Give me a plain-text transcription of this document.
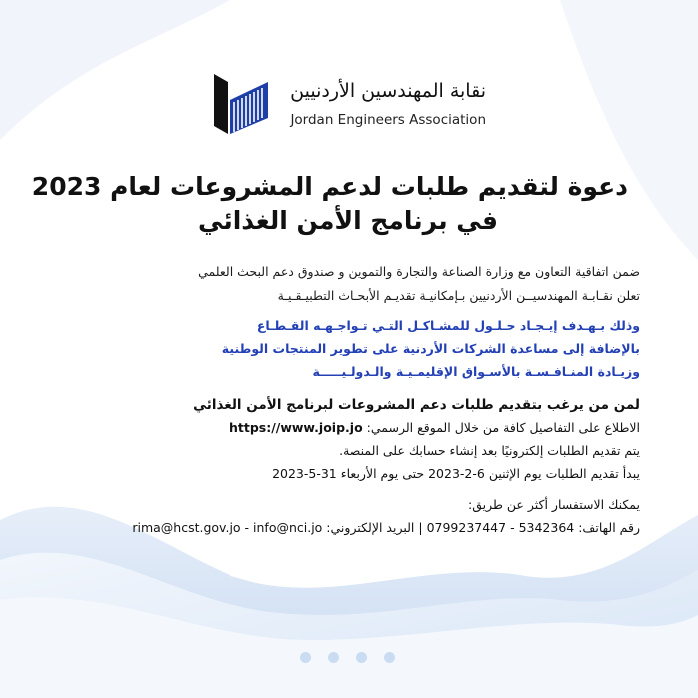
نقابة المهندسين الأردنيين
Jordan Engineers Association
دعوة لتقديم طلبات لدعم المشروعات لعام 2023
في برنامج الأمن الغذائي
ضمن اتفاقية التعاون مع وزارة الصناعة والتجارة والتموين و صندوق دعم البحث العلمي
تعلن نقـابـة المهندسيــن الأردنيين بـإمكانيـة تقديـم الأبحـاث التطبيـقـيـة
وذلك بـهـدف إيـجـاد حـلـول للمشـاكـل التـي تـواجـهـه القـطـاع
بالإضافة إلى مساعدة الشركات الأردنية على تطوير المنتجات الوطنية
وزيـادة المنـافـسـة بالأسـواق الإقليمـيـة والـدولـيـــــة
لمن من يرغب بتقديم طلبات دعم المشروعات لبرنامج الأمن الغذائي
الاطلاع على التفاصيل كافة من خلال الموقع الرسمي: https://www.joip.jo
يتم تقديم الطلبات إلكترونيًا بعد إنشاء حسابك على المنصة.
يبدأ تقديم الطلبات يوم الإثنين 6-2-2023 حتى يوم الأربعاء 31-5-2023
يمكنك الاستفسار أكثر عن طريق:
رقم الهاتف: 5342364 - 0799237447 | البريد الإلكتروني: rima@hcst.gov.jo - info@nci.jo
